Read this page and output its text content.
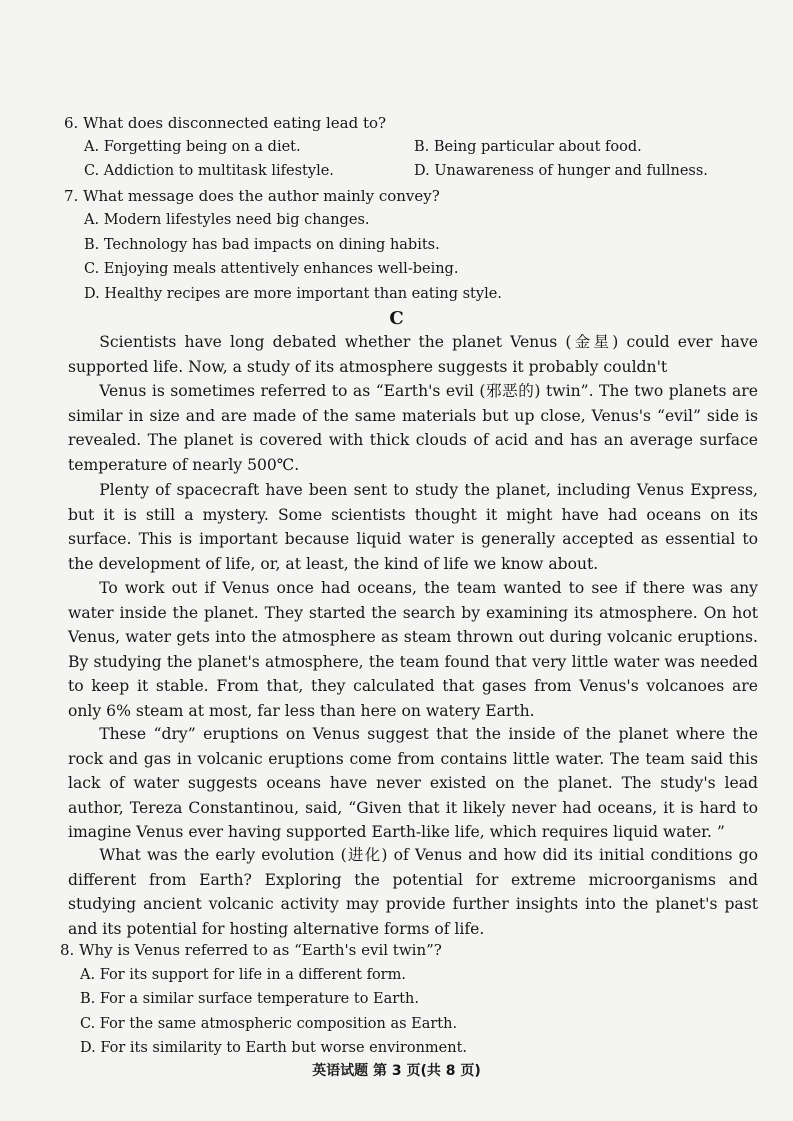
6. What does disconnected eating lead to?
A. Forgetting being on a diet.	B. Being particular about food.
C. Addiction to multitask lifestyle.	D. Unawareness of hunger and fullness.
7. What message does the author mainly convey?
A. Modern lifestyles need big changes.
B. Technology has bad impacts on dining habits.
C. Enjoying meals attentively enhances well-being.
D. Healthy recipes are more important than eating style.
C

Scientists have long debated whether the planet Venus (金星) could ever have supported life. Now, a study of its atmosphere suggests it probably couldn't

Venus is sometimes referred to as “Earth's evil (邪恶的) twin”. The two planets are similar in size and are made of the same materials but up close, Venus's “evil” side is revealed. The planet is covered with thick clouds of acid and has an average surface temperature of nearly 500℃.

Plenty of spacecraft have been sent to study the planet, including Venus Express, but it is still a mystery. Some scientists thought it might have had oceans on its surface. This is important because liquid water is generally accepted as essential to the development of life, or, at least, the kind of life we know about.

To work out if Venus once had oceans, the team wanted to see if there was any water inside the planet. They started the search by examining its atmosphere. On hot Venus, water gets into the atmosphere as steam thrown out during volcanic eruptions. By studying the planet's atmosphere, the team found that very little water was needed to keep it stable. From that, they calculated that gases from Venus's volcanoes are only 6% steam at most, far less than here on watery Earth.

These “dry” eruptions on Venus suggest that the inside of the planet where the rock and gas in volcanic eruptions come from contains little water. The team said this lack of water suggests oceans have never existed on the planet. The study's lead author, Tereza Constantinou, said, “Given that it likely never had oceans, it is hard to imagine Venus ever having supported Earth-like life, which requires liquid water. ”

What was the early evolution (进化) of Venus and how did its initial conditions go different from Earth? Exploring the potential for extreme microorganisms and studying ancient volcanic activity may provide further insights into the planet's past and its potential for hosting alternative forms of life.

8. Why is Venus referred to as “Earth's evil twin”?
A. For its support for life in a different form.
B. For a similar surface temperature to Earth.
C. For the same atmospheric composition as Earth.
D. For its similarity to Earth but worse environment.
英语试题 第 3 页(共 8 页)
